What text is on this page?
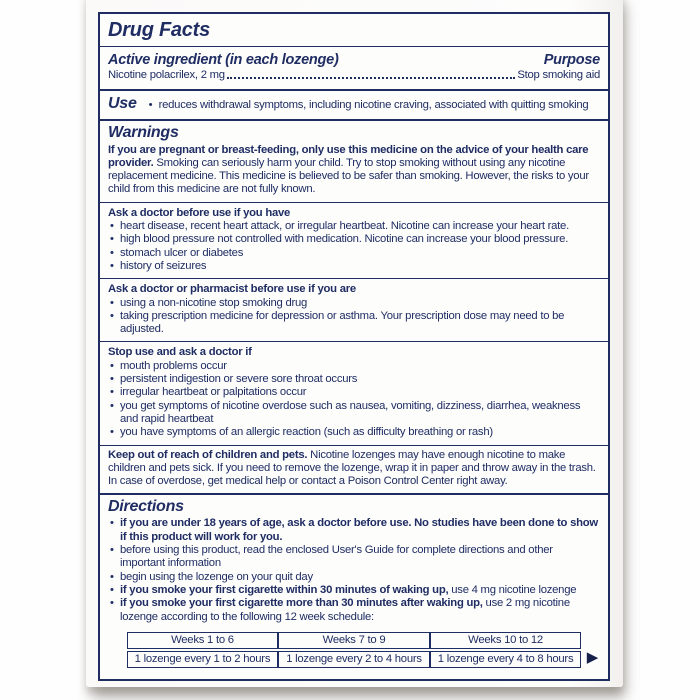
Drug Facts
Active ingredient (in each lozenge)	Purpose
Nicotine polacrilex, 2 mg	Stop smoking aid
Use	• reduces withdrawal symptoms, including nicotine craving, associated with quitting smoking
Warnings

If you are pregnant or breast-feeding, only use this medicine on the advice of your health care provider. Smoking can seriously harm your child. Try to stop smoking without using any nicotine replacement medicine. This medicine is believed to be safer than smoking. However, the risks to your child from this medicine are not fully known.

Ask a doctor before use if you have
• heart disease, recent heart attack, or irregular heartbeat. Nicotine can increase your heart rate.
• high blood pressure not controlled with medication. Nicotine can increase your blood pressure.
• stomach ulcer or diabetes
• history of seizures
Ask a doctor or pharmacist before use if you are
• using a non-nicotine stop smoking drug
• taking prescription medicine for depression or asthma. Your prescription dose may need to be adjusted.
Stop use and ask a doctor if
• mouth problems occur
• persistent indigestion or severe sore throat occurs
• irregular heartbeat or palpitations occur
• you get symptoms of nicotine overdose such as nausea, vomiting, dizziness, diarrhea, weakness and rapid heartbeat
• you have symptoms of an allergic reaction (such as difficulty breathing or rash)

Keep out of reach of children and pets. Nicotine lozenges may have enough nicotine to make children and pets sick. If you need to remove the lozenge, wrap it in paper and throw away in the trash. In case of overdose, get medical help or contact a Poison Control Center right away.

Directions
• if you are under 18 years of age, ask a doctor before use. No studies have been done to show if this product will work for you.
• before using this product, read the enclosed User's Guide for complete directions and other important information
• begin using the lozenge on your quit day
• if you smoke your first cigarette within 30 minutes of waking up, use 4 mg nicotine lozenge
• if you smoke your first cigarette more than 30 minutes after waking up, use 2 mg nicotine lozenge according to the following 12 week schedule:
Weeks 1 to 6	Weeks 7 to 9	Weeks 10 to 12
1 lozenge every 1 to 2 hours	1 lozenge every 2 to 4 hours	1 lozenge every 4 to 8 hours ▶
